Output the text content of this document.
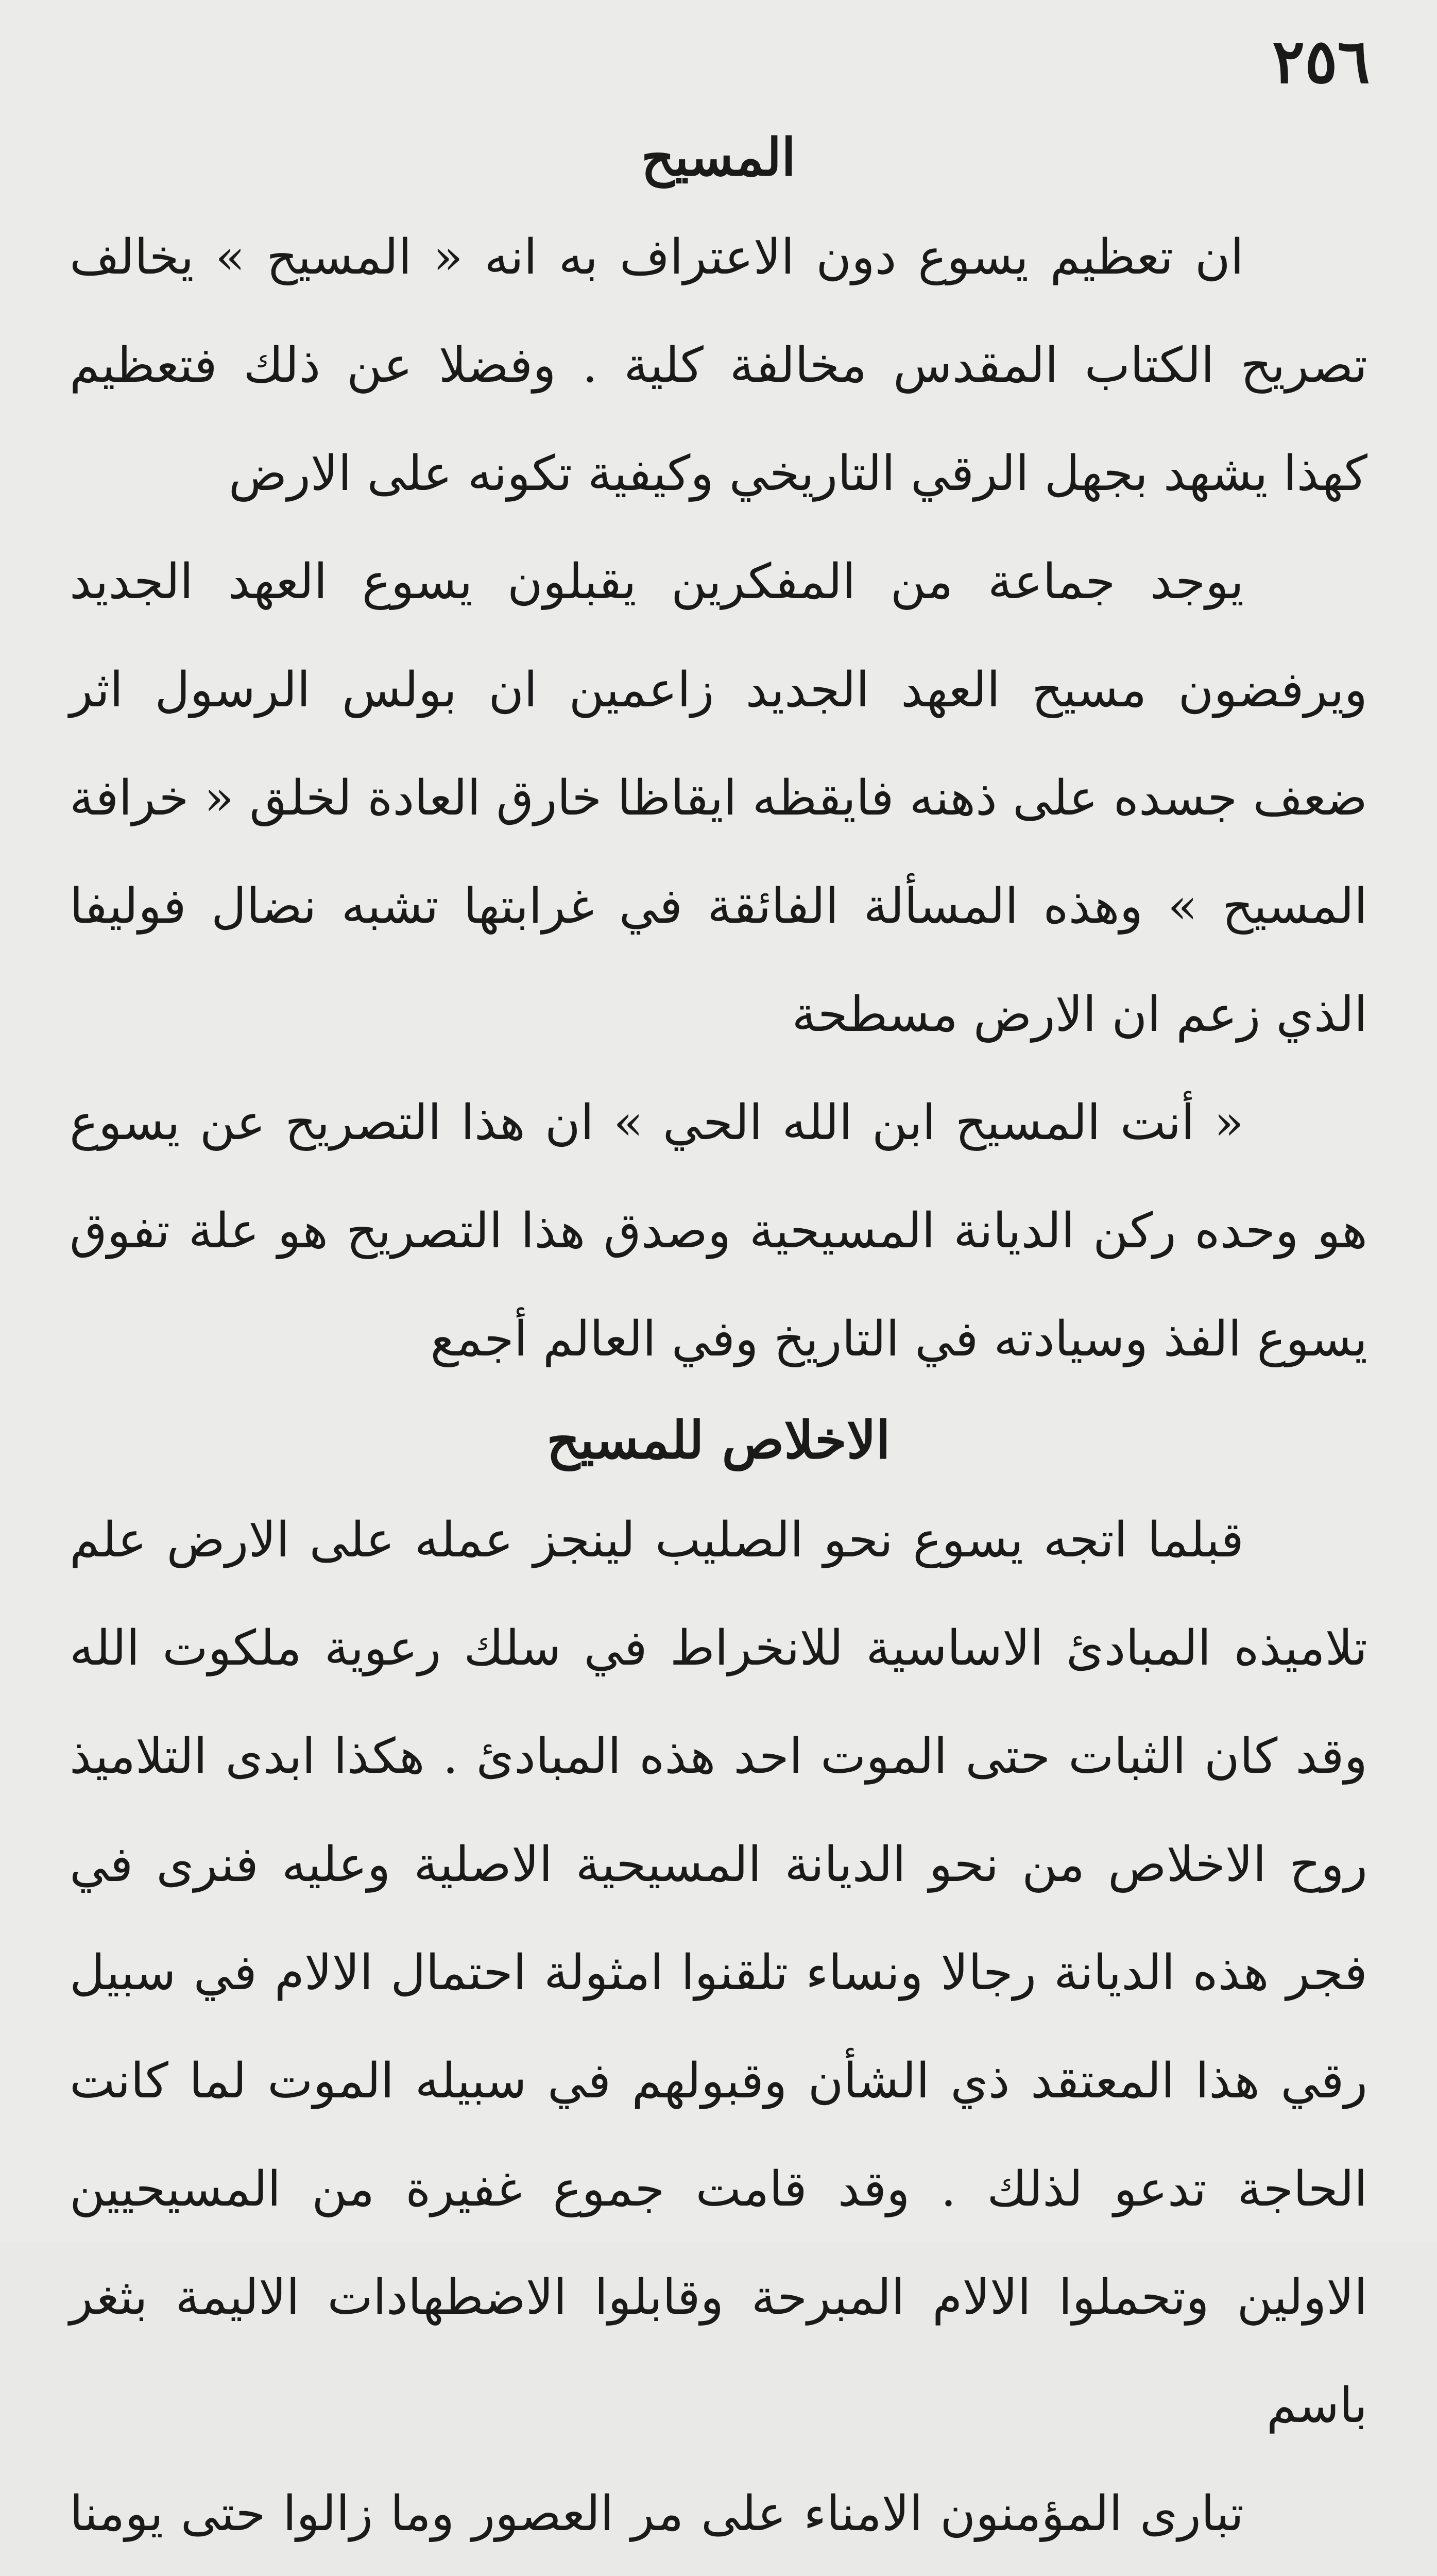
٢٥٦
المسيح

ان تعظيم يسوع دون الاعتراف به انه « المسيح » يخالف تصريح الكتاب المقدس مخالفة كلية . وفضلا عن ذلك فتعظيم كهذا يشهد بجهل الرقي التاريخي وكيفية تكونه على الارض

يوجد جماعة من المفكرين يقبلون يسوع العهد الجديد ويرفضون مسيح العهد الجديد زاعمين ان بولس الرسول اثر ضعف جسده على ذهنه فايقظه ايقاظا خارق العادة لخلق « خرافة المسيح » وهذه المسألة الفائقة في غرابتها تشبه نضال فوليفا الذي زعم ان الارض مسطحة

« أنت المسيح ابن الله الحي » ان هذا التصريح عن يسوع هو وحده ركن الديانة المسيحية وصدق هذا التصريح هو علة تفوق يسوع الفذ وسيادته في التاريخ وفي العالم أجمع

الاخلاص للمسيح

قبلما اتجه يسوع نحو الصليب لينجز عمله على الارض علم تلاميذه المبادئ الاساسية للانخراط في سلك رعوية ملكوت الله وقد كان الثبات حتى الموت احد هذه المبادئ . هكذا ابدى التلاميذ روح الاخلاص من نحو الديانة المسيحية الاصلية وعليه فنرى في فجر هذه الديانة رجالا ونساء تلقنوا امثولة احتمال الالام في سبيل رقي هذا المعتقد ذي الشأن وقبولهم في سبيله الموت لما كانت الحاجة تدعو لذلك . وقد قامت جموع غفيرة من المسيحيين الاولين وتحملوا الالام المبرحة وقابلوا الاضطهادات الاليمة بثغر باسم

تبارى المؤمنون الامناء على مر العصور وما زالوا حتى يومنا
